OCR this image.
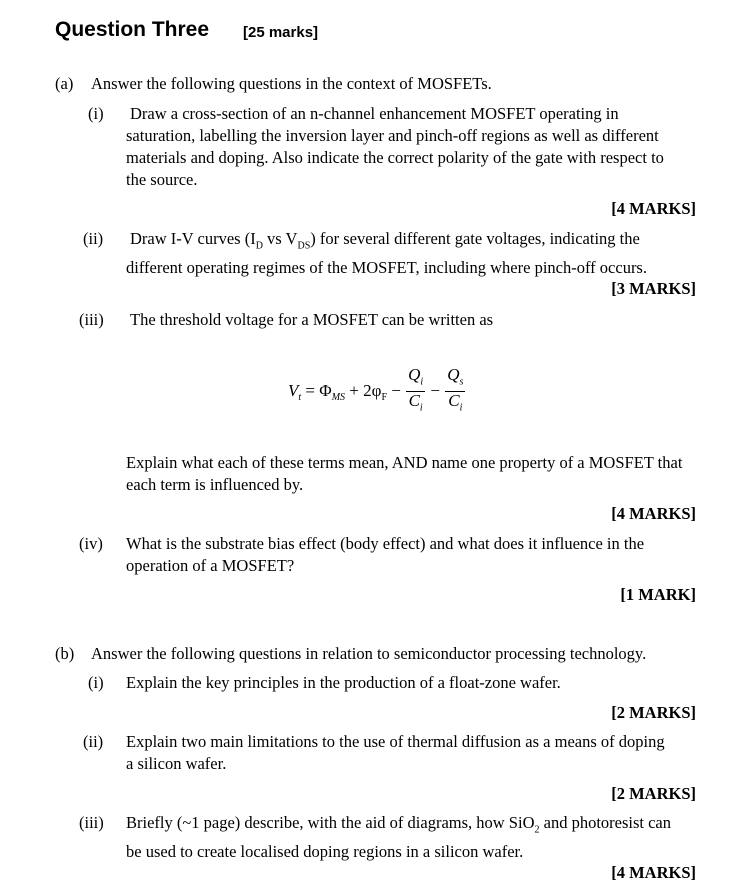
Question Three [25 marks]
(a) Answer the following questions in the context of MOSFETs.
(i) Draw a cross-section of an n-channel enhancement MOSFET operating in saturation, labelling the inversion layer and pinch-off regions as well as different materials and doping. Also indicate the correct polarity of the gate with respect to the source.
[4 MARKS]
(ii) Draw I-V curves ($I_D$ vs $V_{DS}$) for several different gate voltages, indicating the different operating regimes of the MOSFET, including where pinch-off occurs.
[3 MARKS]
(iii) The threshold voltage for a MOSFET can be written as
$V_t = \Phi_{MS} + 2\varphi_F - \frac{Q_i}{C_i} - \frac{Q_s}{C_i}$
Explain what each of these terms mean, AND name one property of a MOSFET that each term is influenced by.
[4 MARKS]
(iv) What is the substrate bias effect (body effect) and what does it influence in the operation of a MOSFET?
[1 MARK]
(b) Answer the following questions in relation to semiconductor processing technology.
(i) Explain the key principles in the production of a float-zone wafer.
[2 MARKS]
(ii) Explain two main limitations to the use of thermal diffusion as a means of doping a silicon wafer.
[2 MARKS]
(iii) Briefly (~1 page) describe, with the aid of diagrams, how SiO$_2$ and photoresist can be used to create localised doping regions in a silicon wafer.
[4 MARKS]
